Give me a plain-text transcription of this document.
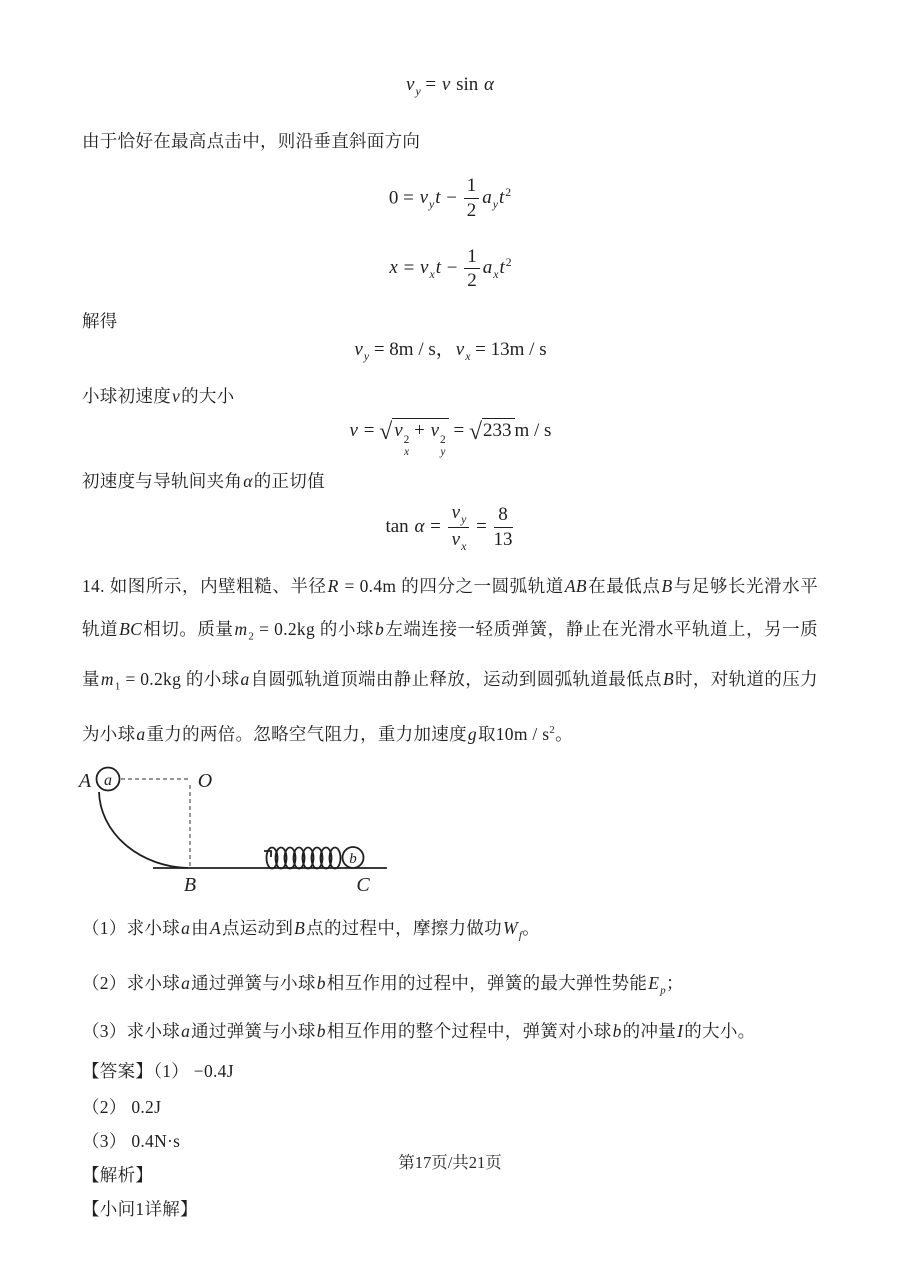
$v_y = v$ sin α
由于恰好在最高点击中，则沿垂直斜面方向
$0 = v_yt - \frac{1}{2} a_yt^2$
$x = v_xt - \frac{1}{2} a_xt^2$
解得
$v_y = 8m / s$，$v_x = 13m / s$
小球初速度v的大小
v = √ v 2
x
+ v 2
y
= √233 m / s
初速度与导轨间夹角α的正切值
$\tan \alpha = \frac{v_y}{v_x} = \frac{8}{13}$
14. 如图所示，内壁粗糙、半径R = 0.4m 的四分之一圆弧轨道AB在最低点B与足够长光滑水平轨道BC相切。质量$m_2 = 0.2kg$ 的小球b左端连接一轻质弹簧，静止在光滑水平轨道上，另一质量$m_1 = 0.2kg$ 的小球a自圆弧轨道顶端由静止释放，运动到圆弧轨道最低点B时，对轨道的压力为小球a重力的两倍。忽略空气阻力，重力加速度g取$10m / s^2$。
a
b
A	O
B	C
（1）求小球a由A点运动到B点的过程中，摩擦力做功$W_f$。
（2）求小球a通过弹簧与小球b相互作用的过程中，弹簧的最大弹性势能$E_p$；
（3）求小球a通过弹簧与小球b相互作用的整个过程中，弹簧对小球b的冲量I的大小。
【答案】（1） −0.4J
（2） 0.2J
（3） 0.4N·s
【解析】
【小问1详解】
第17页/共21页
